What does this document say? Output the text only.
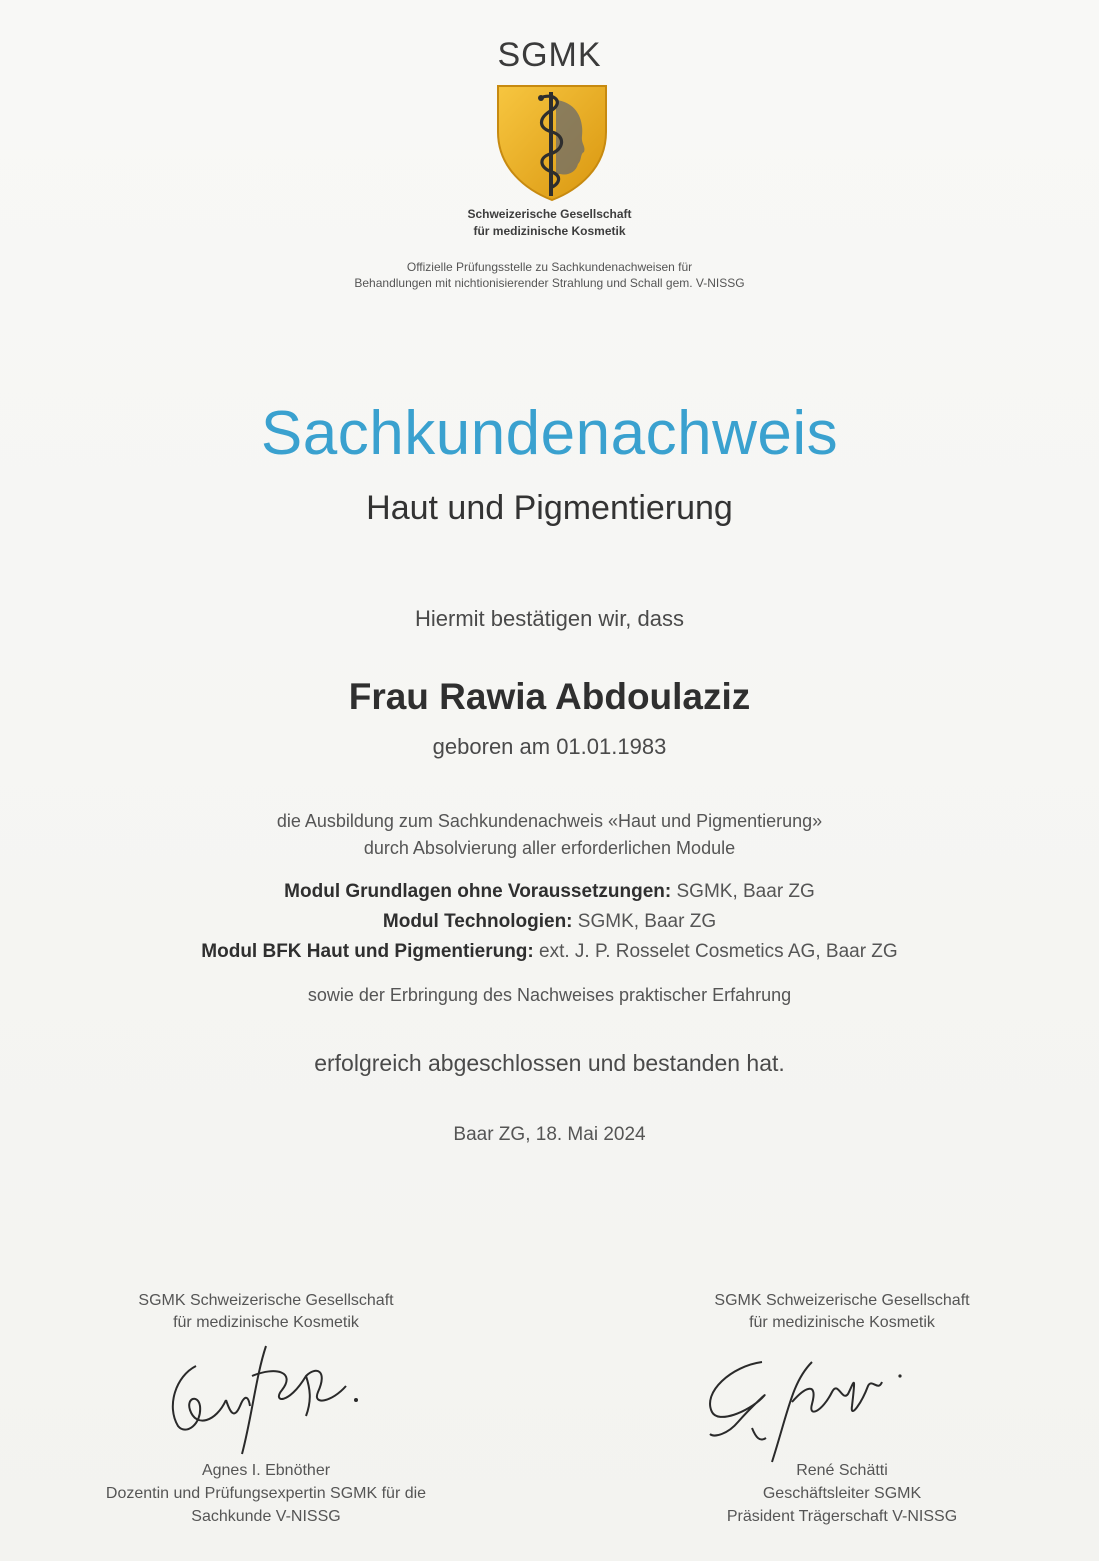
SGMK
Schweizerische Gesellschaft
für medizinische Kosmetik
Offizielle Prüfungsstelle zu Sachkundenachweisen für
Behandlungen mit nichtionisierender Strahlung und Schall gem. V-NISSG
Sachkundenachweis
Haut und Pigmentierung
Hiermit bestätigen wir, dass
Frau Rawia Abdoulaziz
geboren am 01.01.1983
die Ausbildung zum Sachkundenachweis «Haut und Pigmentierung»
durch Absolvierung aller erforderlichen Module
Modul Grundlagen ohne Voraussetzungen: SGMK, Baar ZG
Modul Technologien: SGMK, Baar ZG
Modul BFK Haut und Pigmentierung: ext. J. P. Rosselet Cosmetics AG, Baar ZG
sowie der Erbringung des Nachweises praktischer Erfahrung
erfolgreich abgeschlossen und bestanden hat.
Baar ZG, 18. Mai 2024
SGMK Schweizerische Gesellschaft
für medizinische Kosmetik
Agnes I. Ebnöther
Dozentin und Prüfungsexpertin SGMK für die
Sachkunde V-NISSG
SGMK Schweizerische Gesellschaft
für medizinische Kosmetik
René Schätti
Geschäftsleiter SGMK
Präsident Trägerschaft V-NISSG
